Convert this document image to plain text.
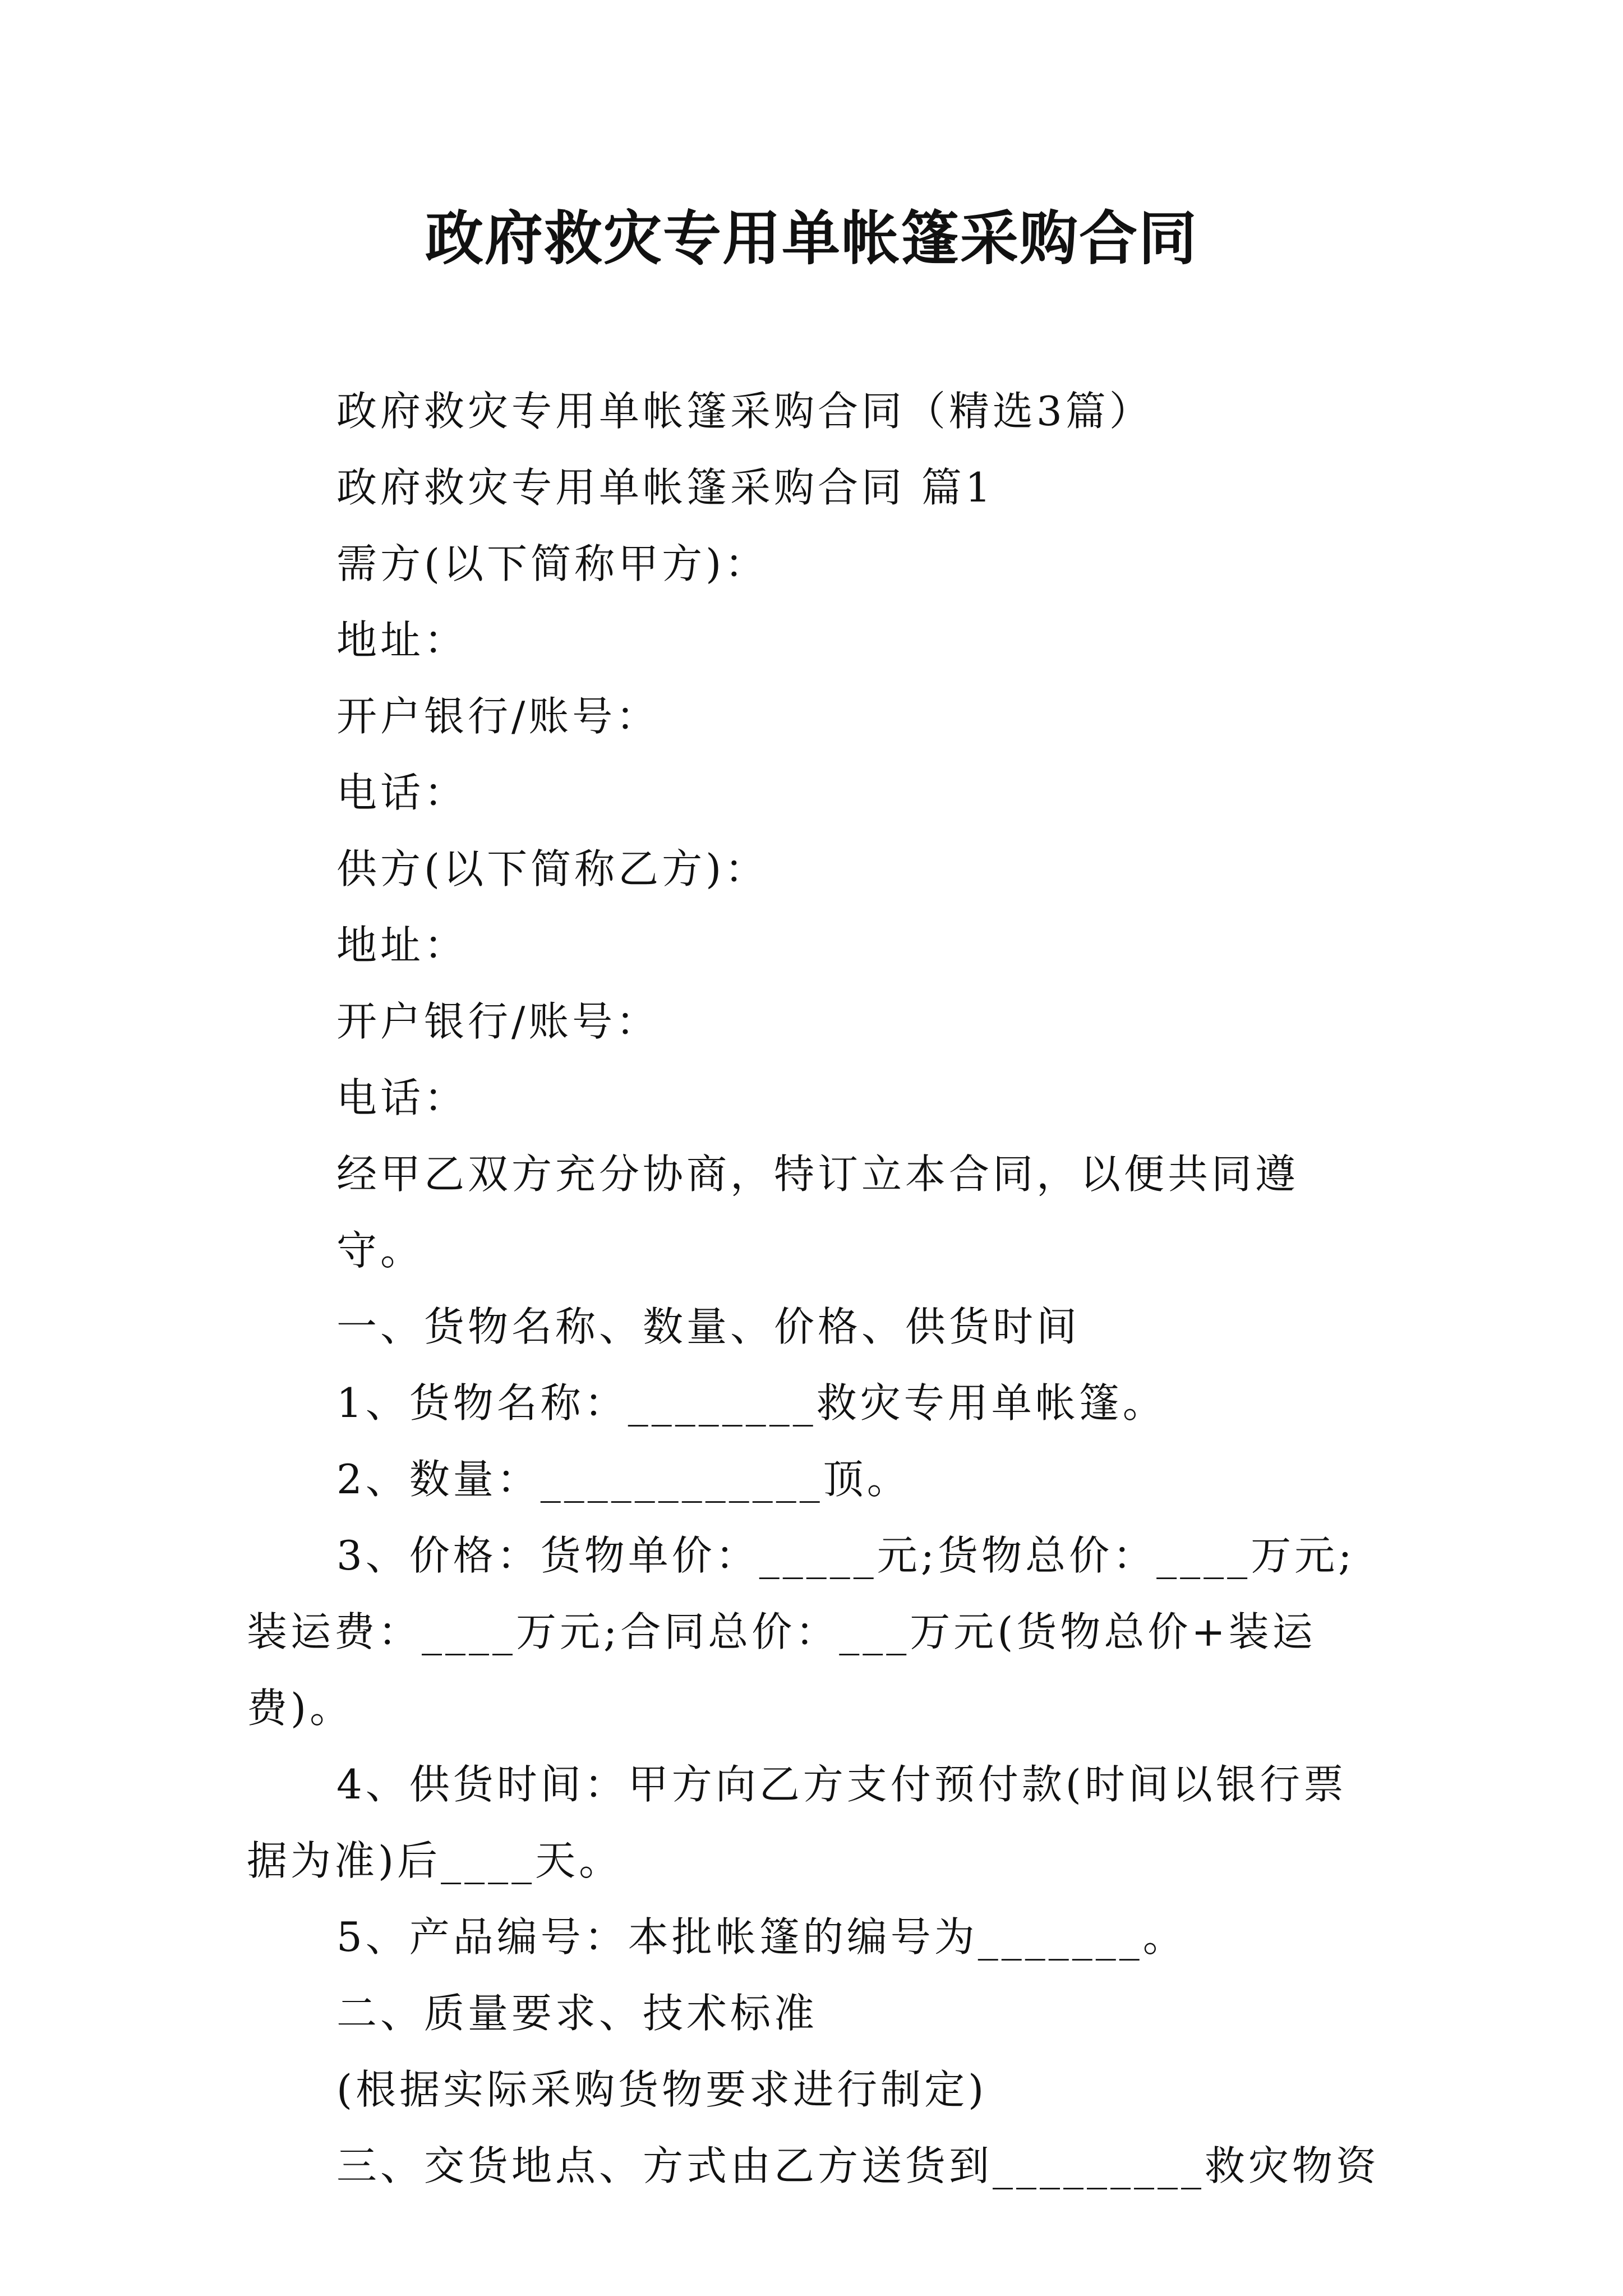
政府救灾专用单帐篷采购合同

政府救灾专用单帐篷采购合同（精选3篇）

政府救灾专用单帐篷采购合同 篇1

需方(以下简称甲方)：

地址：

开户银行/账号：

电话：

供方(以下简称乙方)：

地址：

开户银行/账号：

电话：

经甲乙双方充分协商，特订立本合同，以便共同遵守。

一、货物名称、数量、价格、供货时间

1、货物名称：________救灾专用单帐篷。

2、数量：____________顶。

3、价格：货物单价：_____元;货物总价：____万元;装运费：____万元;合同总价：___万元(货物总价+装运费)。

4、供货时间：甲方向乙方支付预付款(时间以银行票据为准)后____天。

5、产品编号：本批帐篷的编号为_______。

二、质量要求、技术标准

(根据实际采购货物要求进行制定)

三、交货地点、方式由乙方送货到_________救灾物资
